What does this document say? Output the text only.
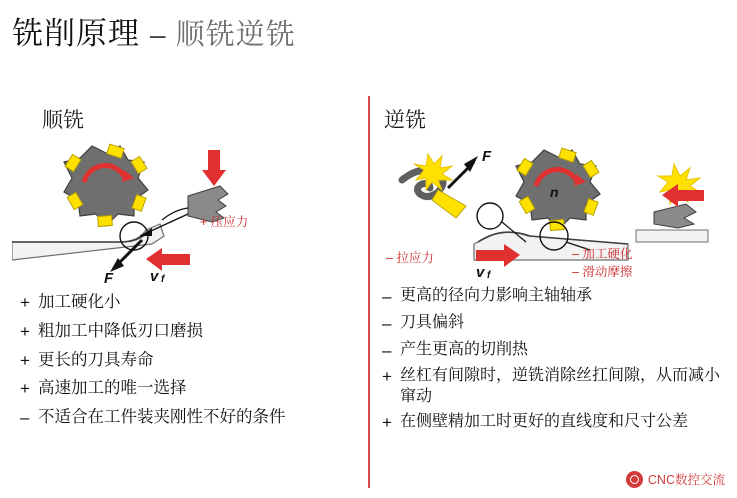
铣削原理 – 顺铣逆铣
顺铣
+ 压应力
F v f
+ 加工硬化小
+ 粗加工中降低刃口磨损
+ 更长的刀具寿命
+ 高速加工的唯一选择
– 不适合在工件装夹刚性不好的条件
逆铣
– 拉应力	– 加工硬化
– 滑动摩擦
F
n
v f
– 更高的径向力影响主轴轴承
– 刀具偏斜
– 产生更高的切削热
+ 丝杠有间隙时，逆铣消除丝扛间隙，从而减小窜动
+ 在侧壁精加工时更好的直线度和尺寸公差
CNC数控交流
